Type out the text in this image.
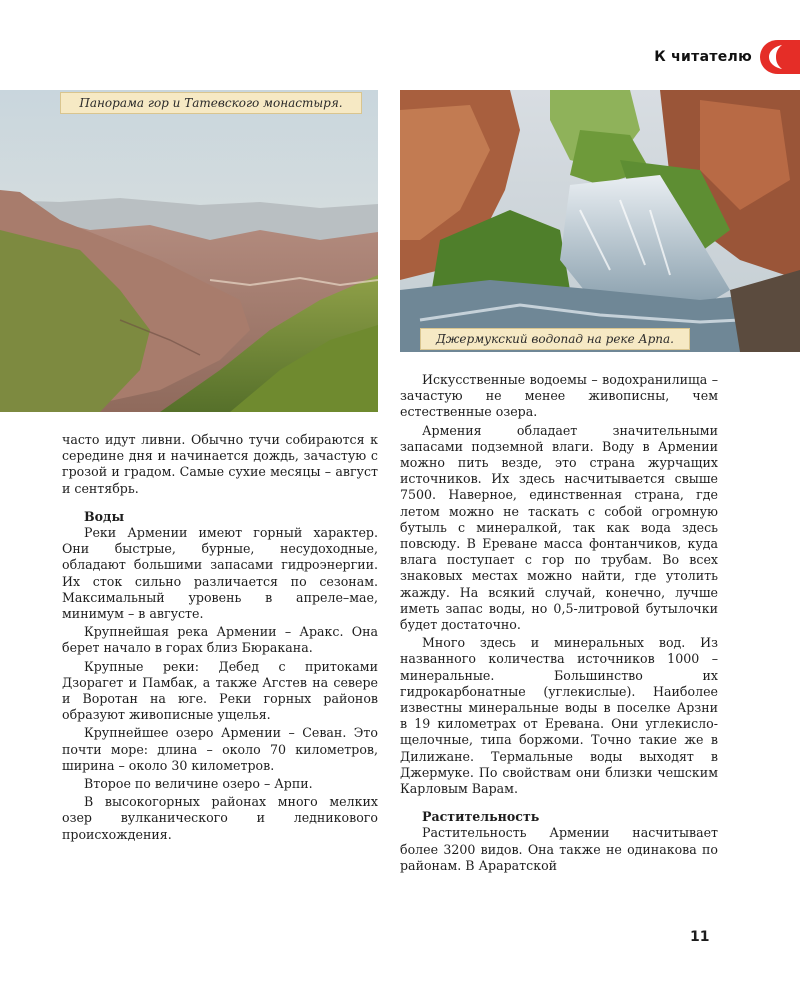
К читателю
Панорама гор и Татевского монастыря.
Джермукский водопад на реке Арпа.

часто идут ливни. Обычно тучи собираются к середине дня и начинается дождь, зачастую с грозой и градом. Самые сухие месяцы – август и сентябрь.

Воды

Реки Армении имеют горный характер. Они быстрые, бурные, несудоходные, обладают большими запасами гидроэнергии. Их сток сильно различается по сезонам. Максимальный уровень в апреле–мае, минимум – в августе.

Крупнейшая река Армении – Аракс. Она берет начало в горах близ Бюракана.

Крупные реки: Дебед с притоками Дзорагет и Памбак, а также Агстев на севере и Воротан на юге. Реки горных районов образуют живописные ущелья.

Крупнейшее озеро Армении – Севан. Это почти море: длина – около 70 километров, ширина – около 30 километров.

Второе по величине озеро – Арпи.

В высокогорных районах много мелких озер вулканического и ледникового происхождения.

Искусственные водоемы – водохранилища – зачастую не менее живописны, чем естественные озера.

Армения обладает значительными запасами подземной влаги. Воду в Армении можно пить везде, это страна журчащих источников. Их здесь насчитывается свыше 7500. Наверное, единственная страна, где летом можно не таскать с собой огромную бутыль с минералкой, так как вода здесь повсюду. В Ереване масса фонтанчиков, куда влага поступает с гор по трубам. Во всех знаковых местах можно найти, где утолить жажду. На всякий случай, конечно, лучше иметь запас воды, но 0,5-литровой бутылочки будет достаточно.

Много здесь и минеральных вод. Из названного количества источников 1000 – минеральные. Большинство их гидрокарбонатные (углекислые). Наиболее известны минеральные воды в поселке Арзни в 19 километрах от Еревана. Они углекисло-щелочные, типа боржоми. Точно такие же в Дилижане. Термальные воды выходят в Джермуке. По свойствам они близки чешским Карловым Варам.

Растительность

Растительность Армении насчитывает более 3200 видов. Она также не одинакова по районам. В Араратской

11
